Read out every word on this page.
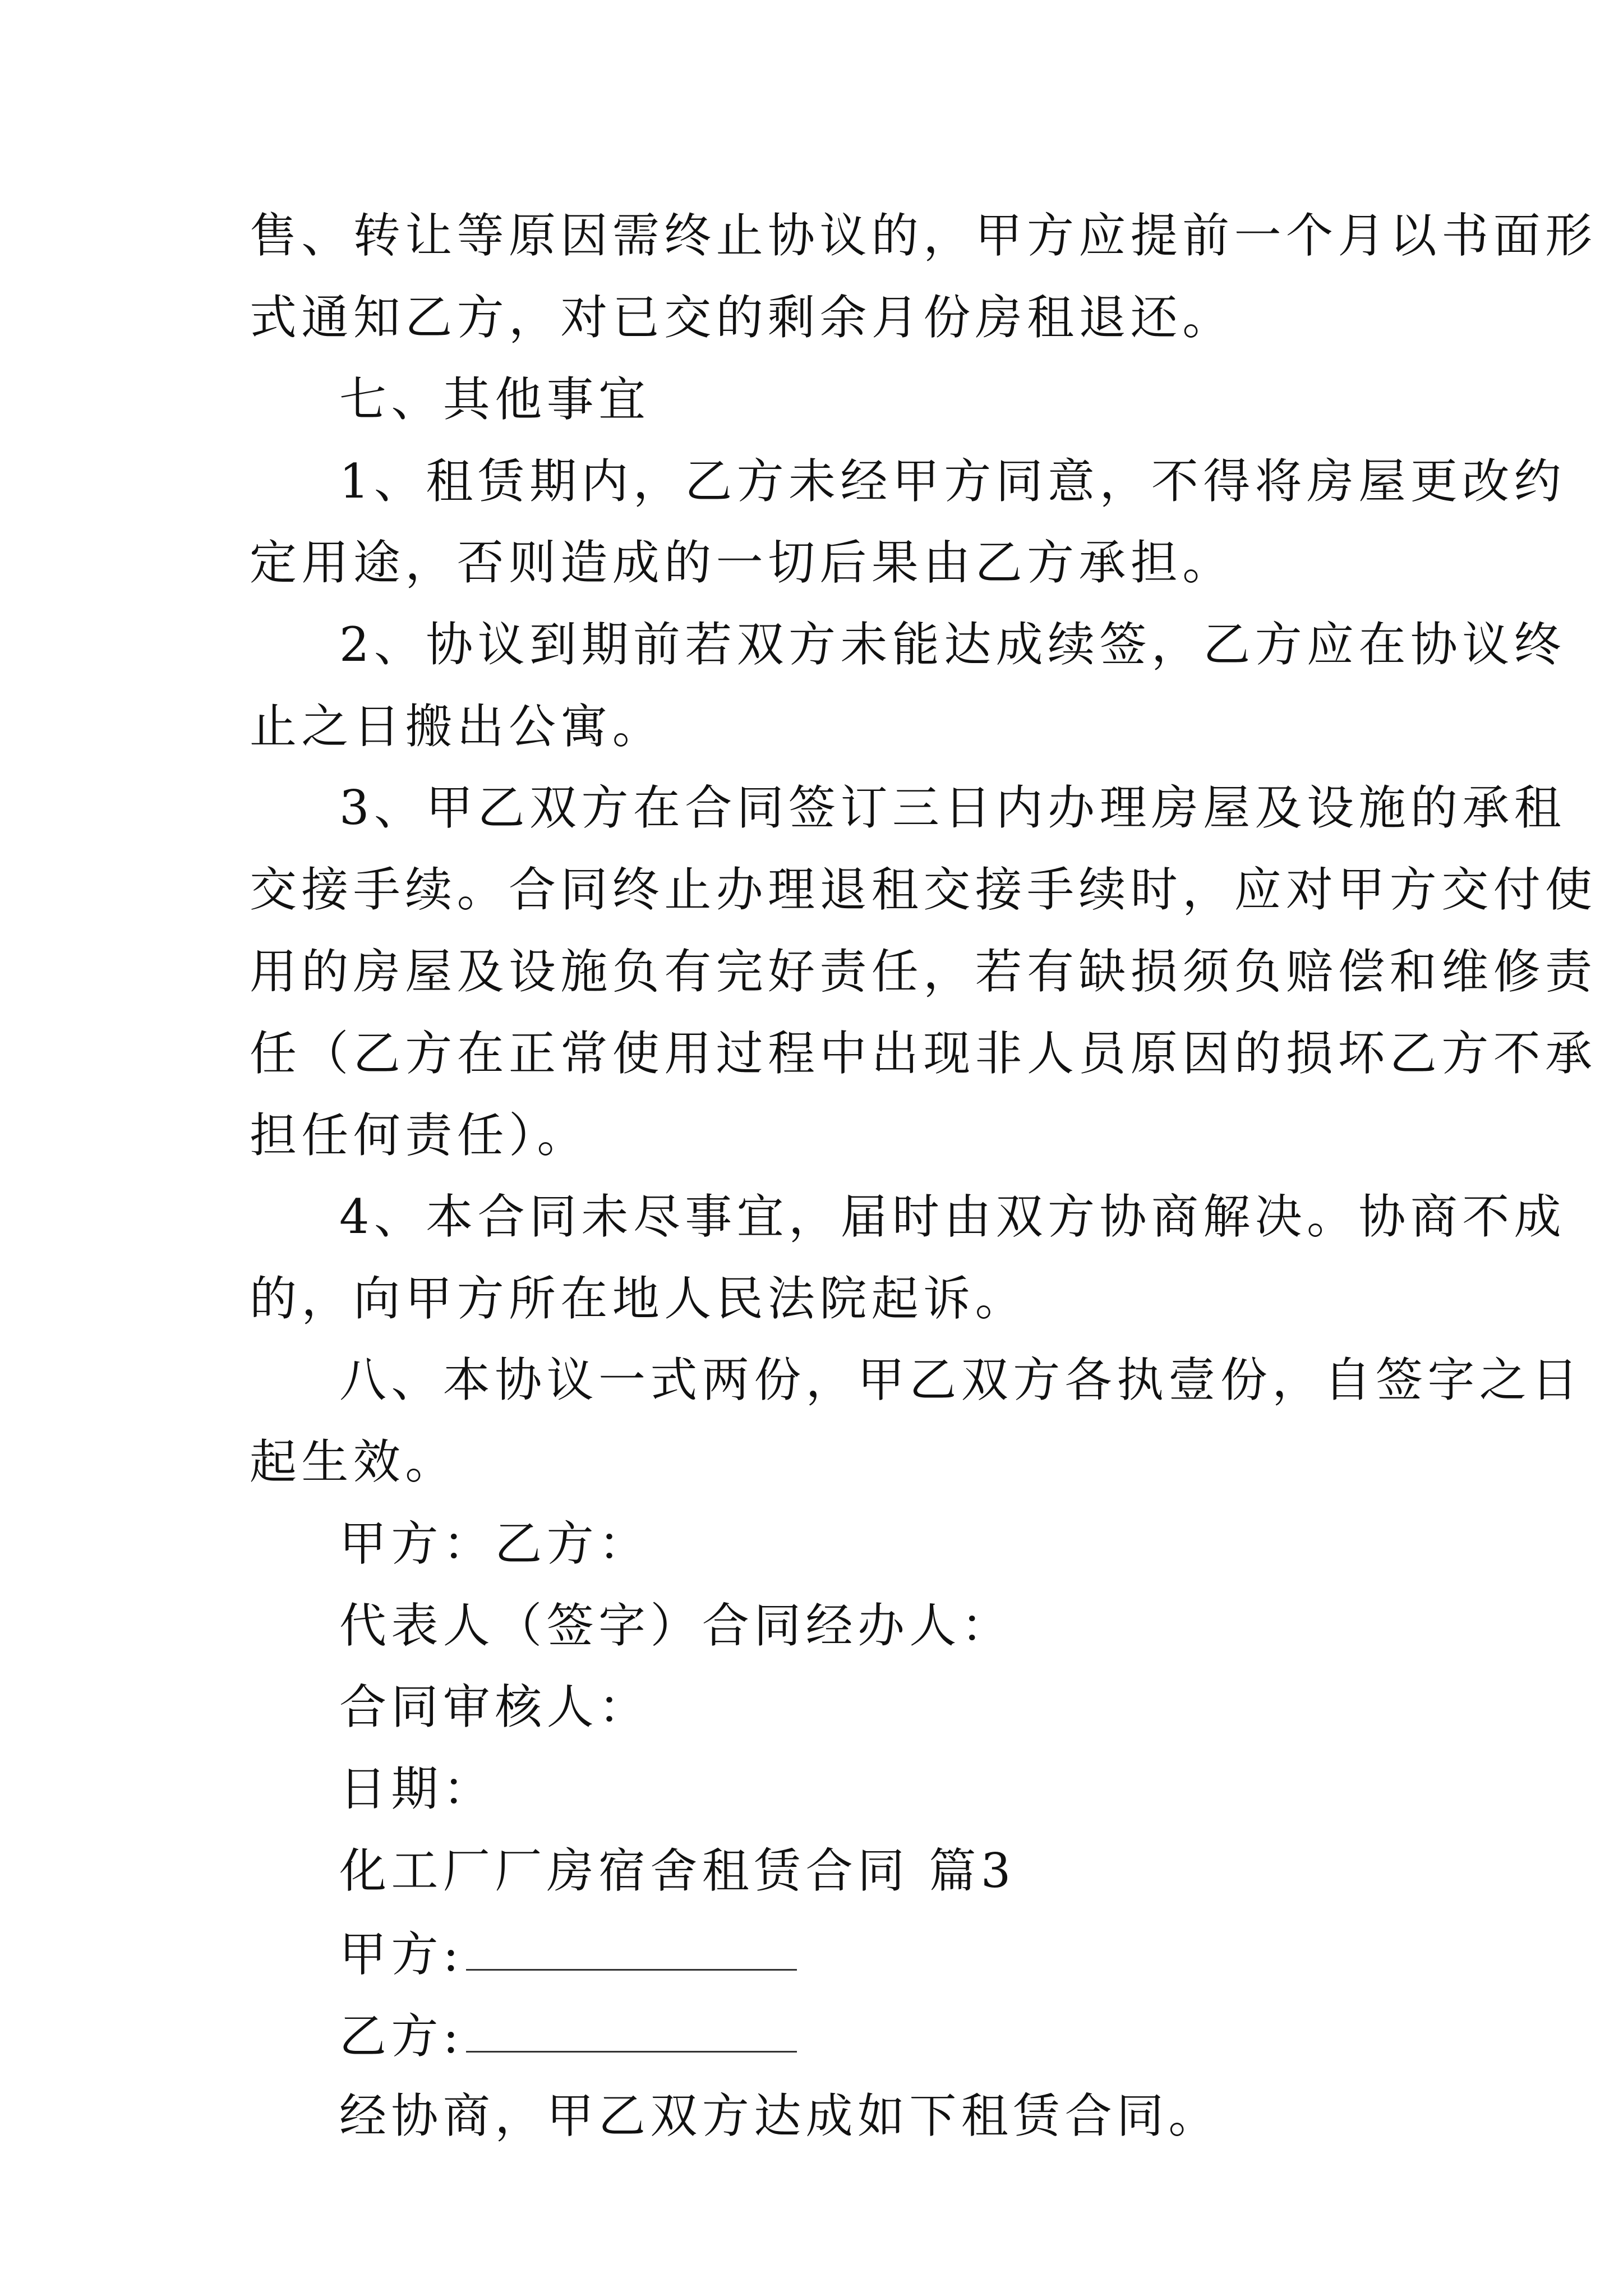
售、转让等原因需终止协议的，甲方应提前一个月以书面形
式通知乙方，对已交的剩余月份房租退还。
七、其他事宜
1、租赁期内，乙方未经甲方同意，不得将房屋更改约
定用途，否则造成的一切后果由乙方承担。
2、协议到期前若双方未能达成续签，乙方应在协议终
止之日搬出公寓。
3、甲乙双方在合同签订三日内办理房屋及设施的承租
交接手续。合同终止办理退租交接手续时，应对甲方交付使
用的房屋及设施负有完好责任，若有缺损须负赔偿和维修责
任（乙方在正常使用过程中出现非人员原因的损坏乙方不承
担任何责任）。
4、本合同未尽事宜，届时由双方协商解决。协商不成
的，向甲方所在地人民法院起诉。
八、本协议一式两份，甲乙双方各执壹份，自签字之日
起生效。
甲方：乙方：
代表人（签字）合同经办人：
合同审核人：
日期：
化工厂厂房宿舍租赁合同 篇3
甲方:
乙方:
经协商，甲乙双方达成如下租赁合同。
